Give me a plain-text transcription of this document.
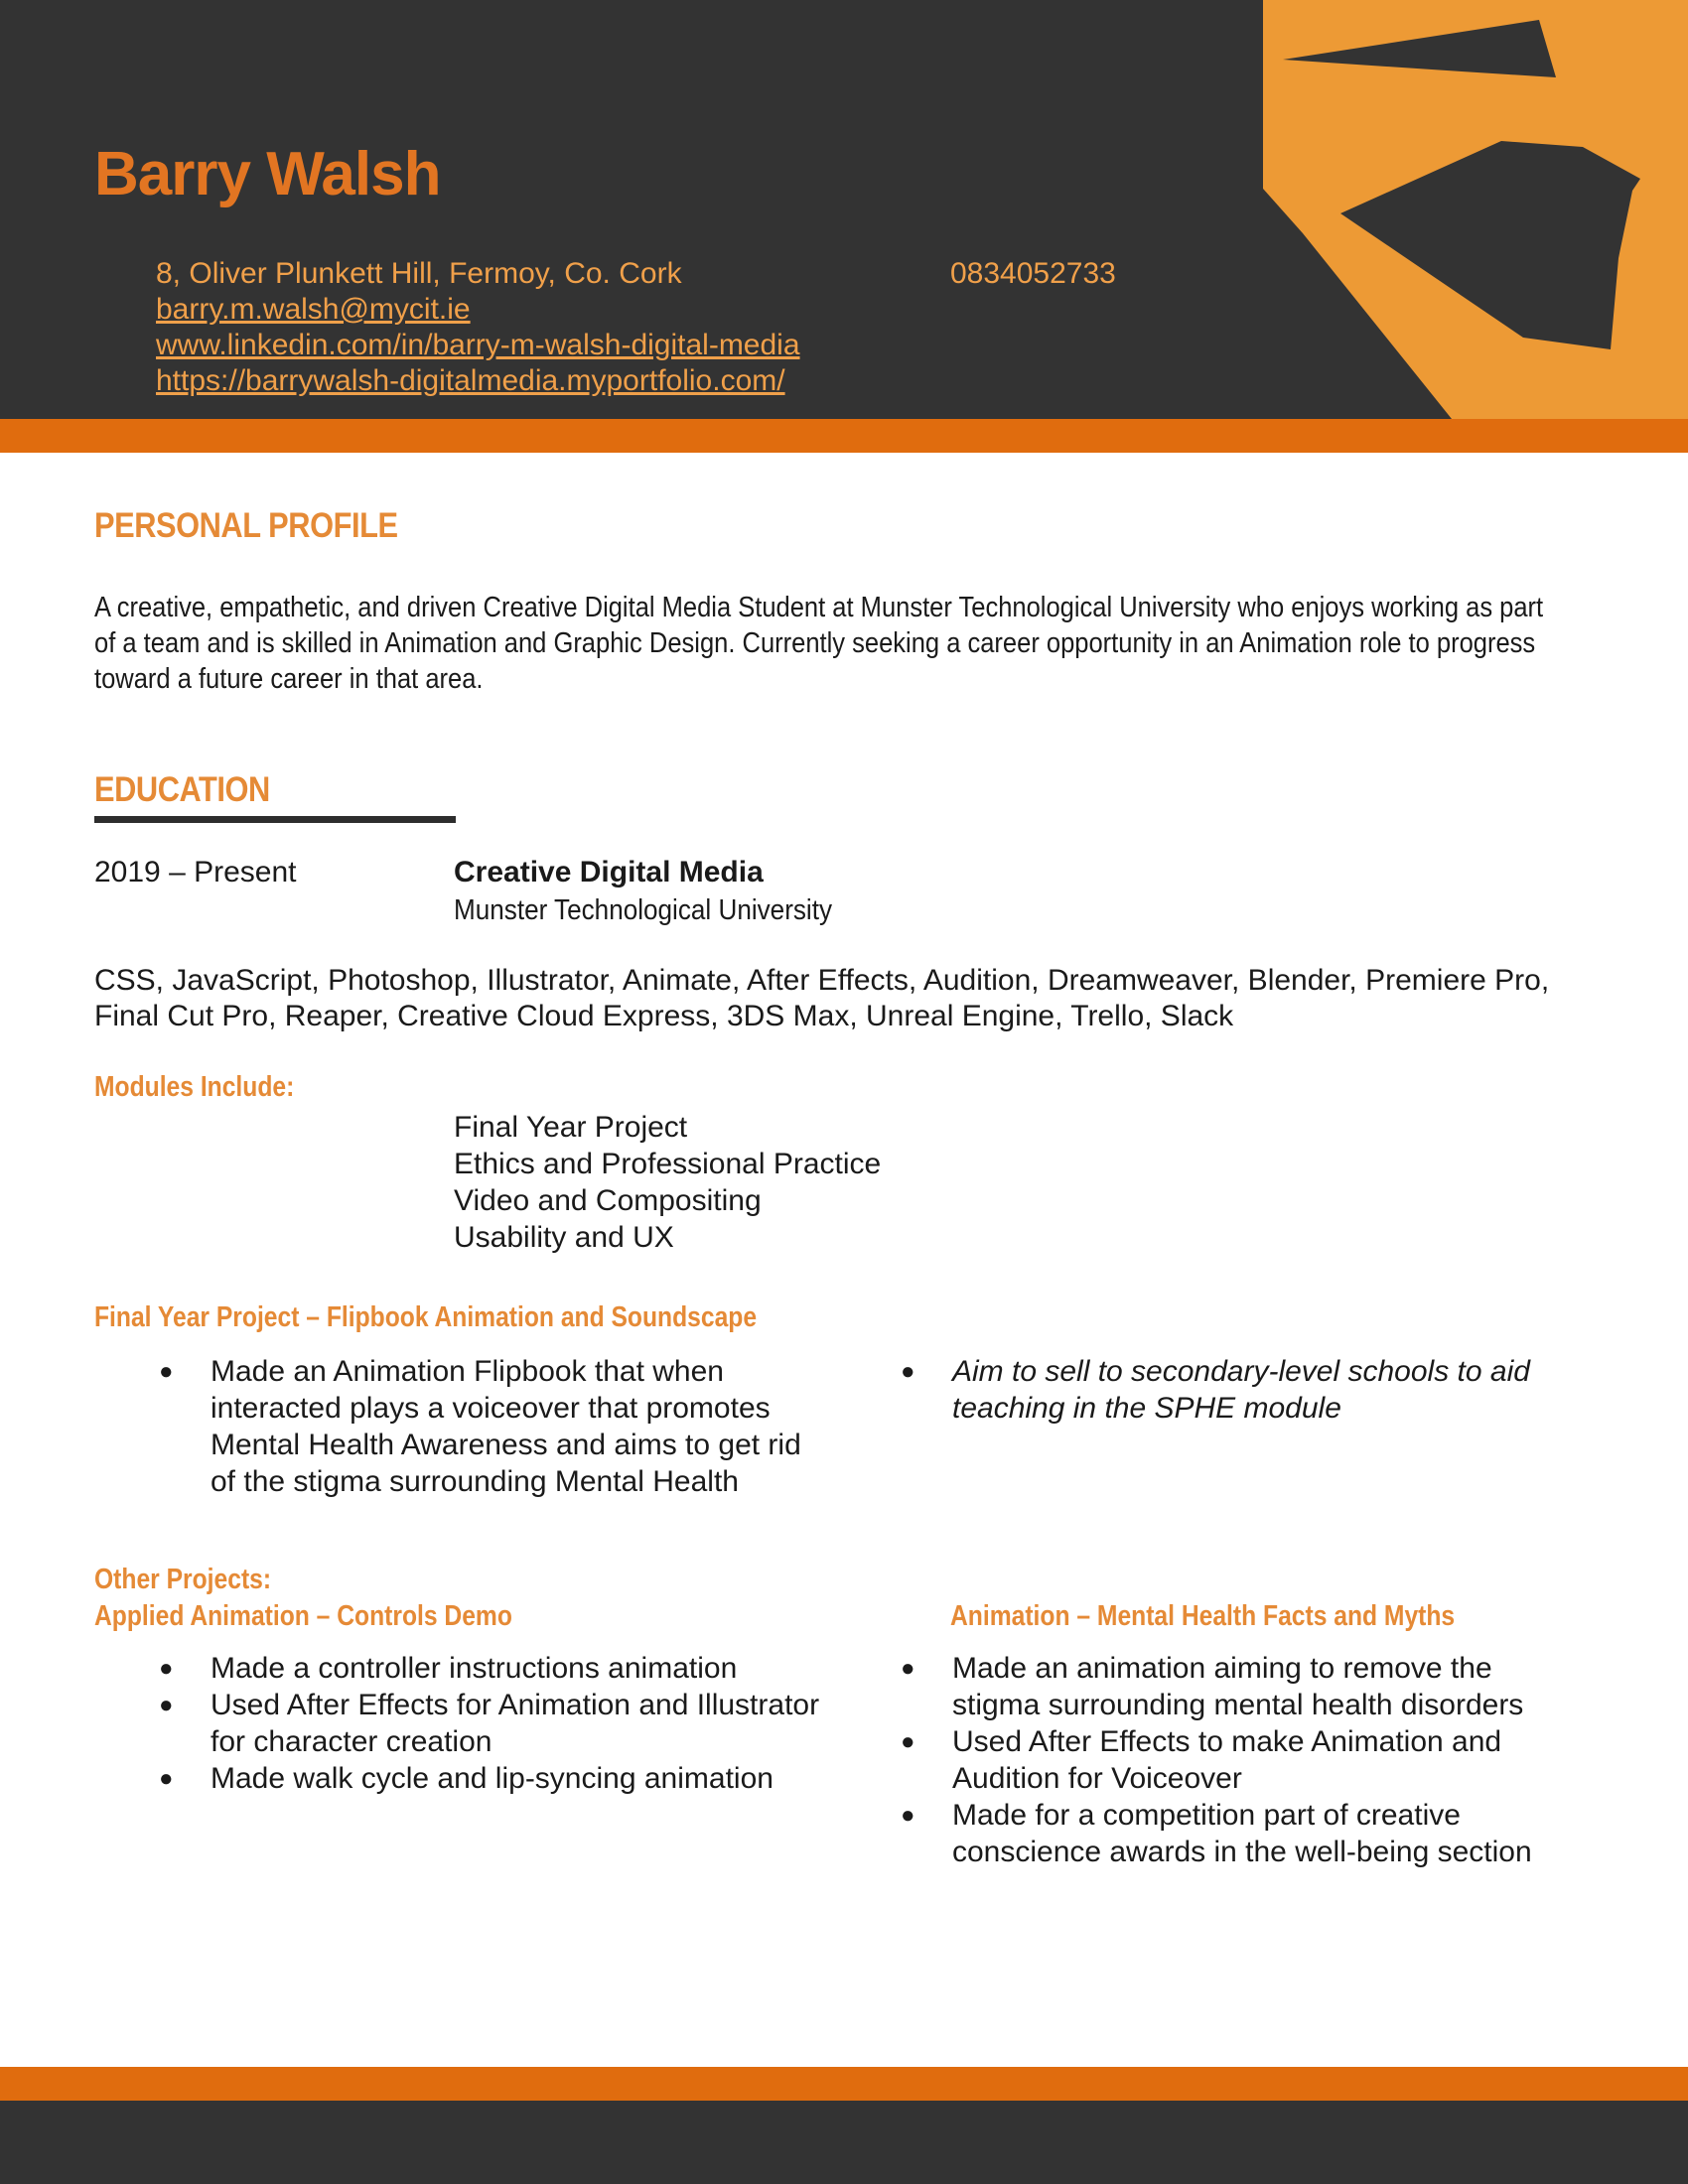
Barry Walsh
8, Oliver Plunkett Hill, Fermoy, Co. Cork
barry.m.walsh@mycit.ie
www.linkedin.com/in/barry-m-walsh-digital-media
https://barrywalsh-digitalmedia.myportfolio.com/
0834052733
PERSONAL PROFILE

A creative, empathetic, and driven Creative Digital Media Student at Munster Technological University who enjoys working as part of a team and is skilled in Animation and Graphic Design. Currently seeking a career opportunity in an Animation role to progress toward a future career in that area.

EDUCATION
2019 – Present	Creative Digital Media
Munster Technological University

CSS, JavaScript, Photoshop, Illustrator, Animate, After Effects, Audition, Dreamweaver, Blender, Premiere Pro, Final Cut Pro, Reaper, Creative Cloud Express, 3DS Max, Unreal Engine, Trello, Slack

Modules Include:
Final Year Project
Ethics and Professional Practice
Video and Compositing
Usability and UX
Final Year Project – Flipbook Animation and Soundscape
● Made an Animation Flipbook that when interacted plays a voiceover that promotes Mental Health Awareness and aims to get rid of the stigma surrounding Mental Health
● Aim to sell to secondary-level schools to aid teaching in the SPHE module
Other Projects:
Applied Animation – Controls Demo
● Made a controller instructions animation
● Used After Effects for Animation and Illustrator for character creation
● Made walk cycle and lip-syncing animation
Animation – Mental Health Facts and Myths
● Made an animation aiming to remove the stigma surrounding mental health disorders
● Used After Effects to make Animation and Audition for Voiceover
● Made for a competition part of creative conscience awards in the well-being section
